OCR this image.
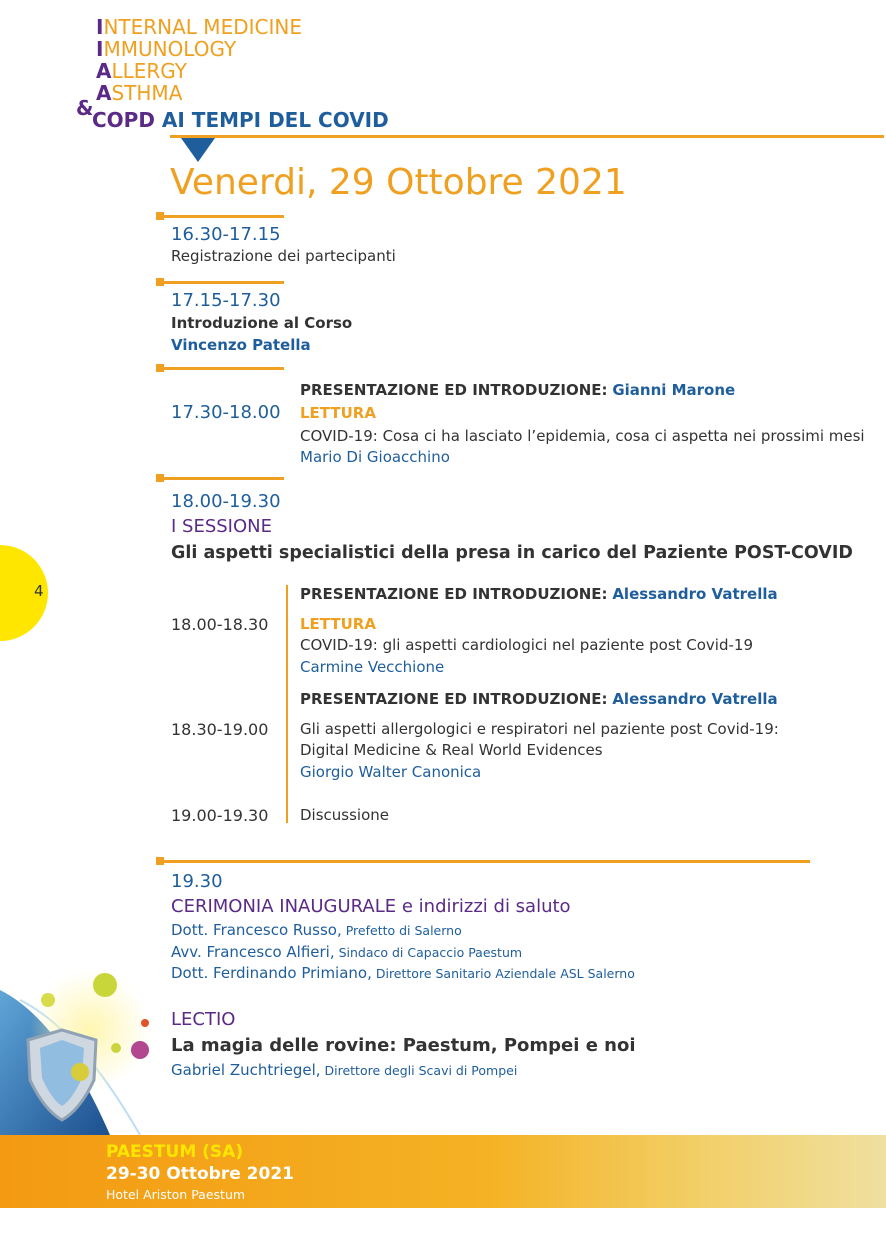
INTERNAL MEDICINE
IMMUNOLOGY
ALLERGY
ASTHMA
&
COPD AI TEMPI DEL COVID
Venerdi, 29 Ottobre 2021
4
16.30-17.15
Registrazione dei partecipanti
17.15-17.30
Introduzione al Corso
Vincenzo Patella
PRESENTAZIONE ED INTRODUZIONE: Gianni Marone
17.30-18.00 LETTURA
COVID-19: Cosa ci ha lasciato l’epidemia, cosa ci aspetta nei prossimi mesi
Mario Di Gioacchino
18.00-19.30
I SESSIONE
Gli aspetti specialistici della presa in carico del Paziente POST-COVID
PRESENTAZIONE ED INTRODUZIONE: Alessandro Vatrella
18.00-18.30 LETTURA
COVID-19: gli aspetti cardiologici nel paziente post Covid-19
Carmine Vecchione
PRESENTAZIONE ED INTRODUZIONE: Alessandro Vatrella
18.30-19.00 Gli aspetti allergologici e respiratori nel paziente post Covid-19:
Digital Medicine & Real World Evidences
Giorgio Walter Canonica
19.00-19.30 Discussione
19.30
CERIMONIA INAUGURALE e indirizzi di saluto
Dott. Francesco Russo, Prefetto di Salerno
Avv. Francesco Alfieri, Sindaco di Capaccio Paestum
Dott. Ferdinando Primiano, Direttore Sanitario Aziendale ASL Salerno
LECTIO
La magia delle rovine: Paestum, Pompei e noi
Gabriel Zuchtriegel, Direttore degli Scavi di Pompei
PAESTUM (SA)
29-30 Ottobre 2021
Hotel Ariston Paestum
